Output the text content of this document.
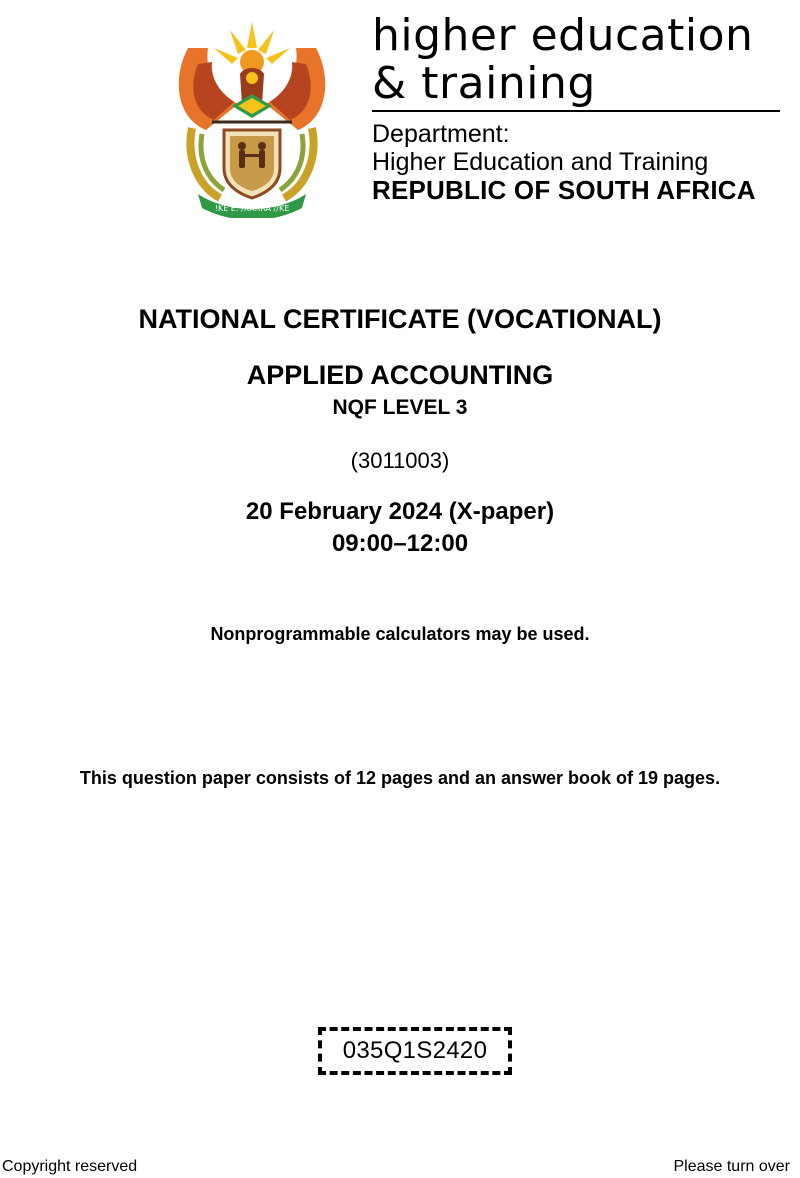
!KE E: /XARRA //KE
higher education
& training
Department:
Higher Education and Training
REPUBLIC OF SOUTH AFRICA
NATIONAL CERTIFICATE (VOCATIONAL)
APPLIED ACCOUNTING
NQF LEVEL 3
(3011003)
20 February 2024 (X-paper)
09:00–12:00
Nonprogrammable calculators may be used.
This question paper consists of 12 pages and an answer book of 19 pages.
035Q1S2420
Copyright reserved	Please turn over
